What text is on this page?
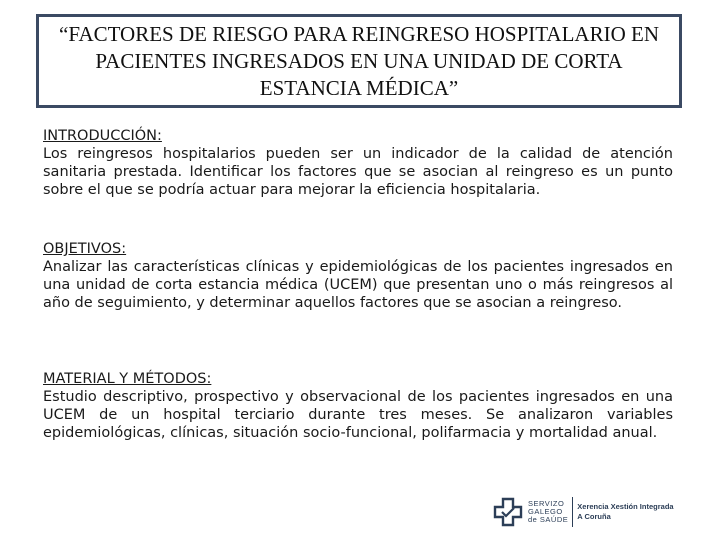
“FACTORES DE RIESGO PARA REINGRESO HOSPITALARIO EN PACIENTES INGRESADOS EN UNA UNIDAD DE CORTA ESTANCIA MÉDICA”

INTRODUCCIÓN:

Los reingresos hospitalarios pueden ser un indicador de la calidad de atención sanitaria prestada. Identificar los factores que se asocian al reingreso es un punto sobre el que se podría actuar para mejorar la eficiencia hospitalaria.

OBJETIVOS:

Analizar las características clínicas y epidemiológicas de los pacientes ingresados en una unidad de corta estancia médica (UCEM) que presentan uno o más reingresos al año de seguimiento, y determinar aquellos factores que se asocian a reingreso.

MATERIAL Y MÉTODOS:

Estudio descriptivo, prospectivo y observacional de los pacientes ingresados en una UCEM de un hospital terciario durante tres meses. Se analizaron variables epidemiológicas, clínicas, situación socio-funcional, polifarmacia y mortalidad anual.

SERVIZO
GALEGO
de SAÚDE
Xerencia Xestión Integrada
A Coruña
